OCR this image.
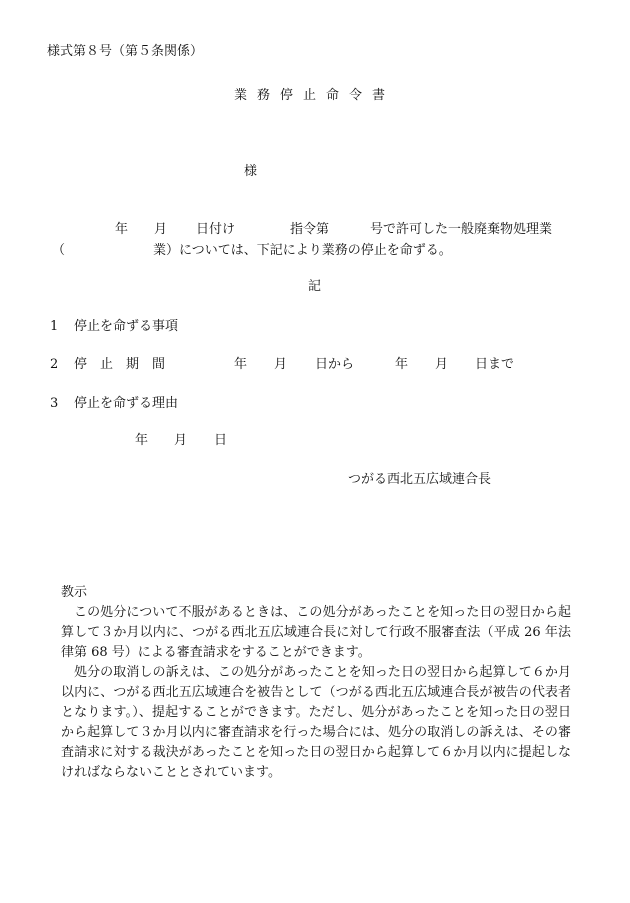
様式第８号（第５条関係）
業務停止命令書
様
年 月 日付け	指令第	号で許可した一般廃棄物処理業
（	業）については、下記により業務の停止を命ずる。
記
1 停止を命ずる事項
2 停　止　期　間	年 月 日から	年 月 日まで
3 停止を命ずる理由
年 月 日
つがる西北五広域連合長

教示

この処分について不服があるときは、この処分があったことを知った日の翌日から起算して３か月以内に、つがる西北五広域連合長に対して行政不服審査法（平成 26 年法律第 68 号）による審査請求をすることができます。

処分の取消しの訴えは、この処分があったことを知った日の翌日から起算して６か月以内に、つがる西北五広域連合を被告として（つがる西北五広域連合長が被告の代表者となります。）、提起することができます。ただし、処分があったことを知った日の翌日から起算して３か月以内に審査請求を行った場合には、処分の取消しの訴えは、その審査請求に対する裁決があったことを知った日の翌日から起算して６か月以内に提起しなければならないこととされています。
